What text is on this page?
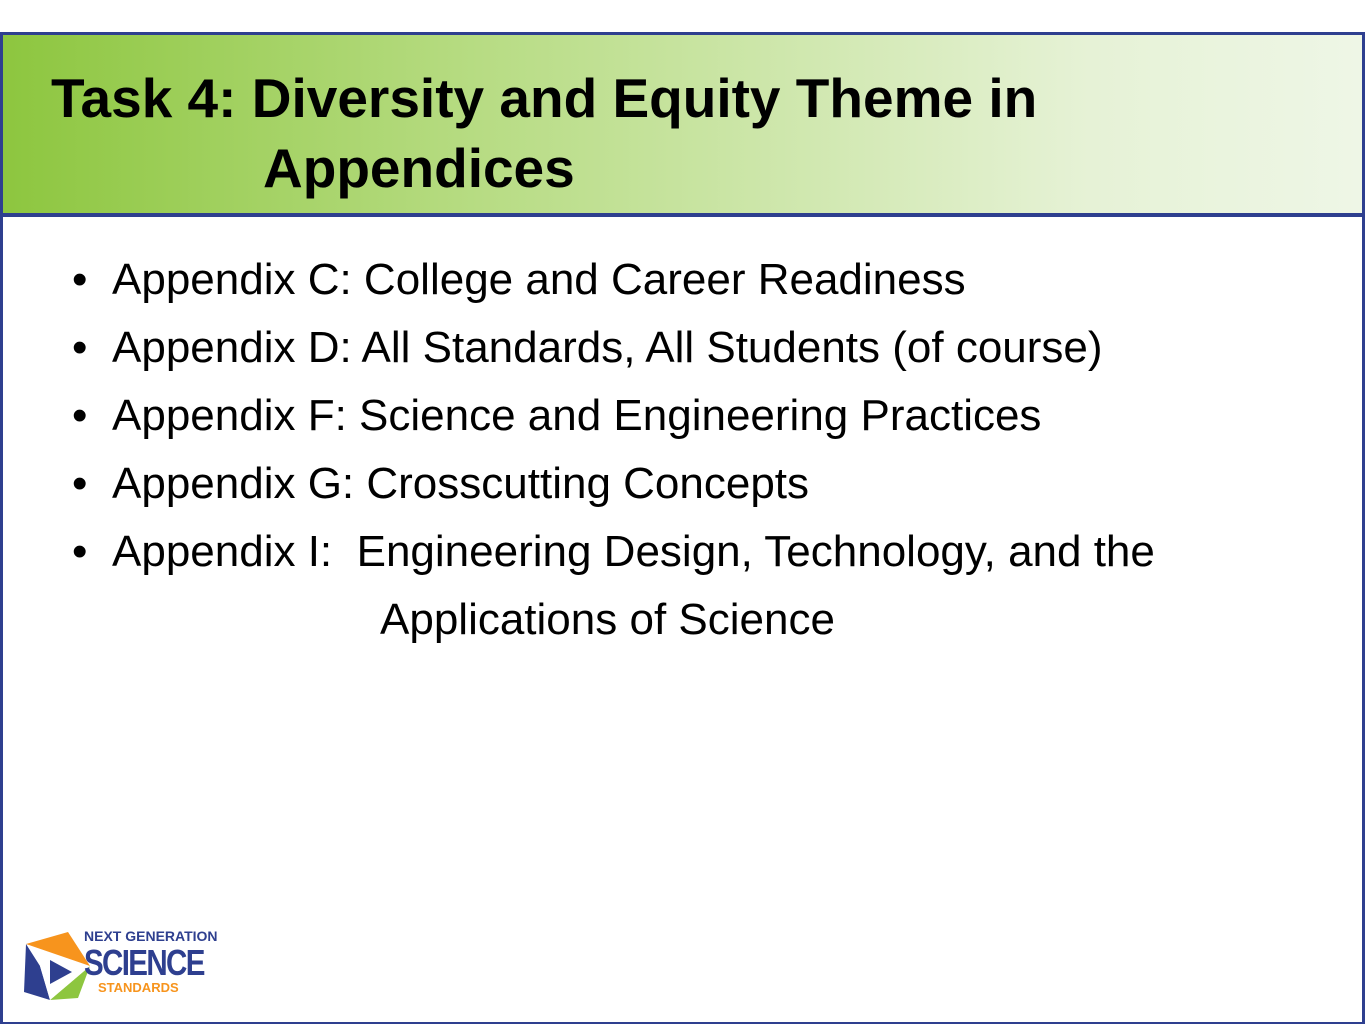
Task 4: Diversity and Equity Theme in
Appendices
• Appendix C: College and Career Readiness
• Appendix D: All Standards, All Students (of course)
• Appendix F: Science and Engineering Practices
• Appendix G: Crosscutting Concepts
• Appendix I:  Engineering Design, Technology, and the
Applications of Science
NEXT GENERATION
SCIENCE
STANDARDS
